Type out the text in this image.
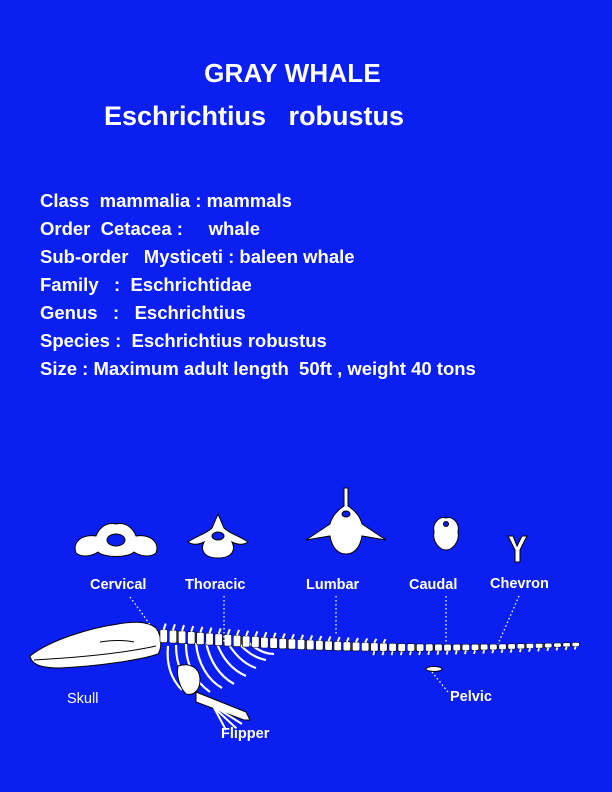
GRAY WHALE
Eschrichtius   robustus
Class  mammalia : mammals
Order  Cetacea :     whale
Sub-order   Mysticeti : baleen whale
Family   :  Eschrichtidae
Genus   :   Eschrichtius
Species :  Eschrichtius robustus
Size : Maximum adult length  50ft , weight 40 tons
Cervical	Thoracic	Lumbar	Caudal Chevron
Skull	Pelvic
Flipper
